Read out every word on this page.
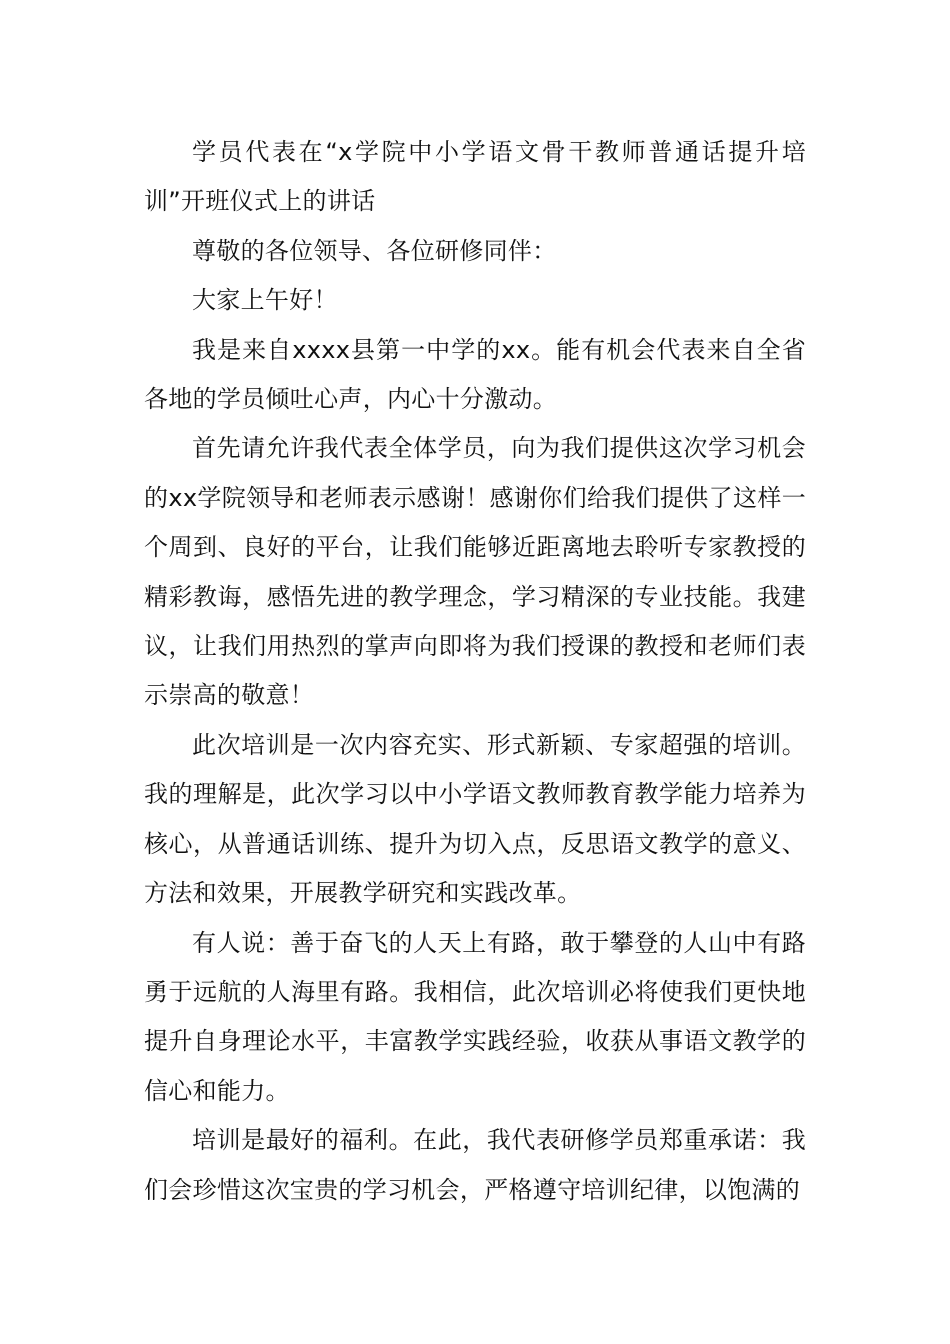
学员代表在“x学院中小学语文骨干教师普通话提升培训”开班仪式上的讲话

尊敬的各位领导、各位研修同伴：

大家上午好！

我是来自xxxx县第一中学的xx。能有机会代表来自全省各地的学员倾吐心声，内心十分激动。

首先请允许我代表全体学员，向为我们提供这次学习机会的xx学院领导和老师表示感谢！感谢你们给我们提供了这样一个周到、良好的平台，让我们能够近距离地去聆听专家教授的精彩教诲，感悟先进的教学理念，学习精深的专业技能。我建议，让我们用热烈的掌声向即将为我们授课的教授和老师们表示崇高的敬意！

此次培训是一次内容充实、形式新颖、专家超强的培训。我的理解是，此次学习以中小学语文教师教育教学能力培养为核心，从普通话训练、提升为切入点，反思语文教学的意义、方法和效果，开展教学研究和实践改革。

有人说：善于奋飞的人天上有路，敢于攀登的人山中有路勇于远航的人海里有路。我相信，此次培训必将使我们更快地提升自身理论水平，丰富教学实践经验，收获从事语文教学的信心和能力。

培训是最好的福利。在此，我代表研修学员郑重承诺：我们会珍惜这次宝贵的学习机会，严格遵守培训纪律，以饱满的
